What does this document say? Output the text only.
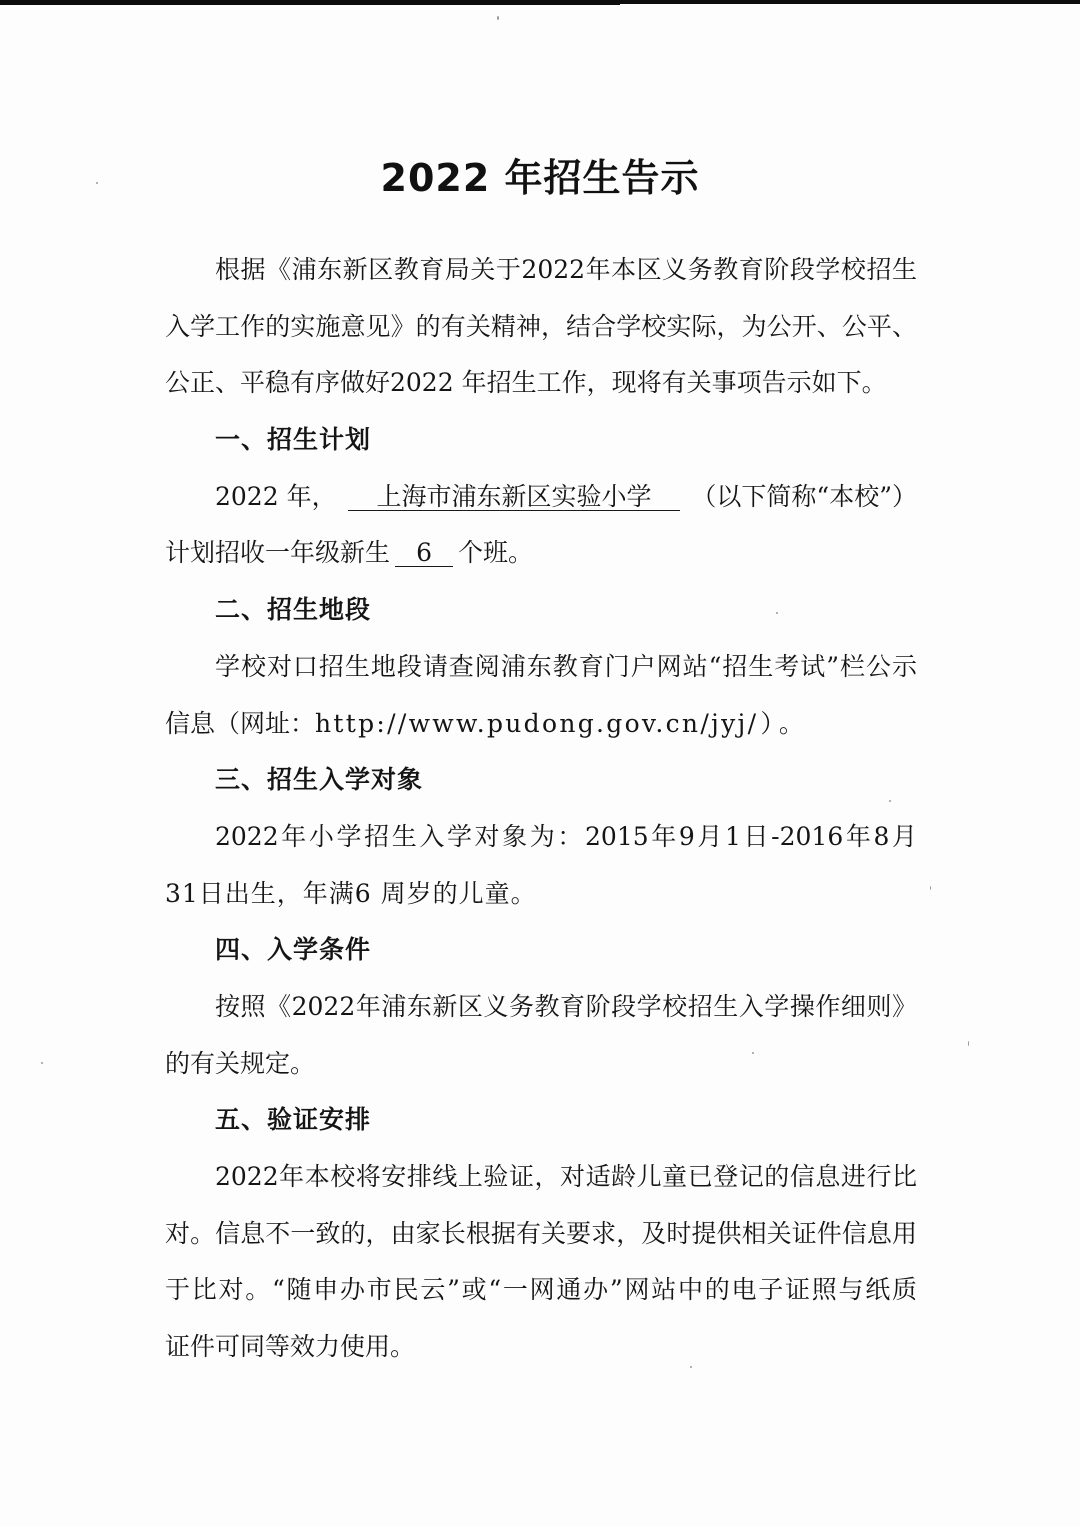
2022 年招生告示
根据《浦东新区教育局关于2022年本区义务教育阶段学校招生
入学工作的实施意见》的有关精神，结合学校实际，为公开、公平、
公正、平稳有序做好2022 年招生工作，现将有关事项告示如下。
一、招生计划
2022 年，	上海市浦东新区实验小学	（以下简称“本校”）
计划招收一年级新生 6 个班。
二、招生地段
学校对口招生地段请查阅浦东教育门户网站“招生考试”栏公示
信息（网址：http://www.pudong.gov.cn/jyj/）。
三、招生入学对象
2022年小学招生入学对象为：2015年9月1日-2016年8月
31日出生，年满6 周岁的儿童。
四、入学条件
按照《2022年浦东新区义务教育阶段学校招生入学操作细则》
的有关规定。
五、验证安排
2022年本校将安排线上验证，对适龄儿童已登记的信息进行比
对。信息不一致的，由家长根据有关要求，及时提供相关证件信息用
于比对。“随申办市民云”或“一网通办”网站中的电子证照与纸质
证件可同等效力使用。
